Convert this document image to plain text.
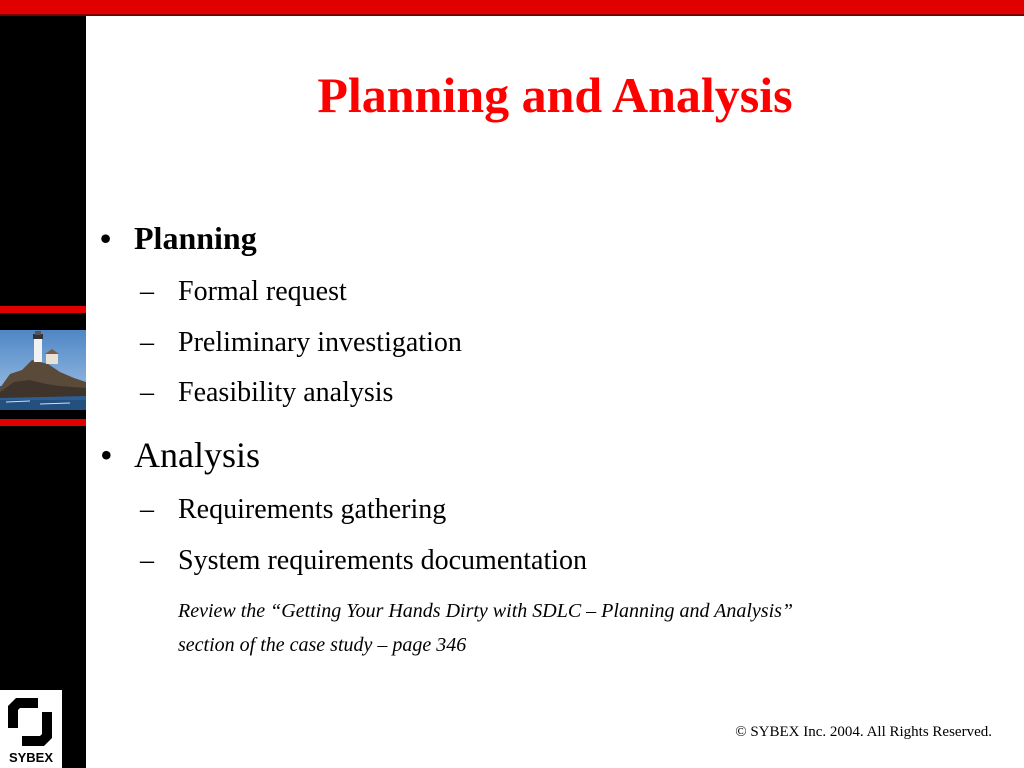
SYBEX
Planning and Analysis
• Planning
– Formal request
– Preliminary investigation
– Feasibility analysis
• Analysis
– Requirements gathering
– System requirements documentation
Review the “Getting Your Hands Dirty with SDLC – Planning and Analysis”
section of the case study – page 346
© SYBEX Inc. 2004. All Rights Reserved.
